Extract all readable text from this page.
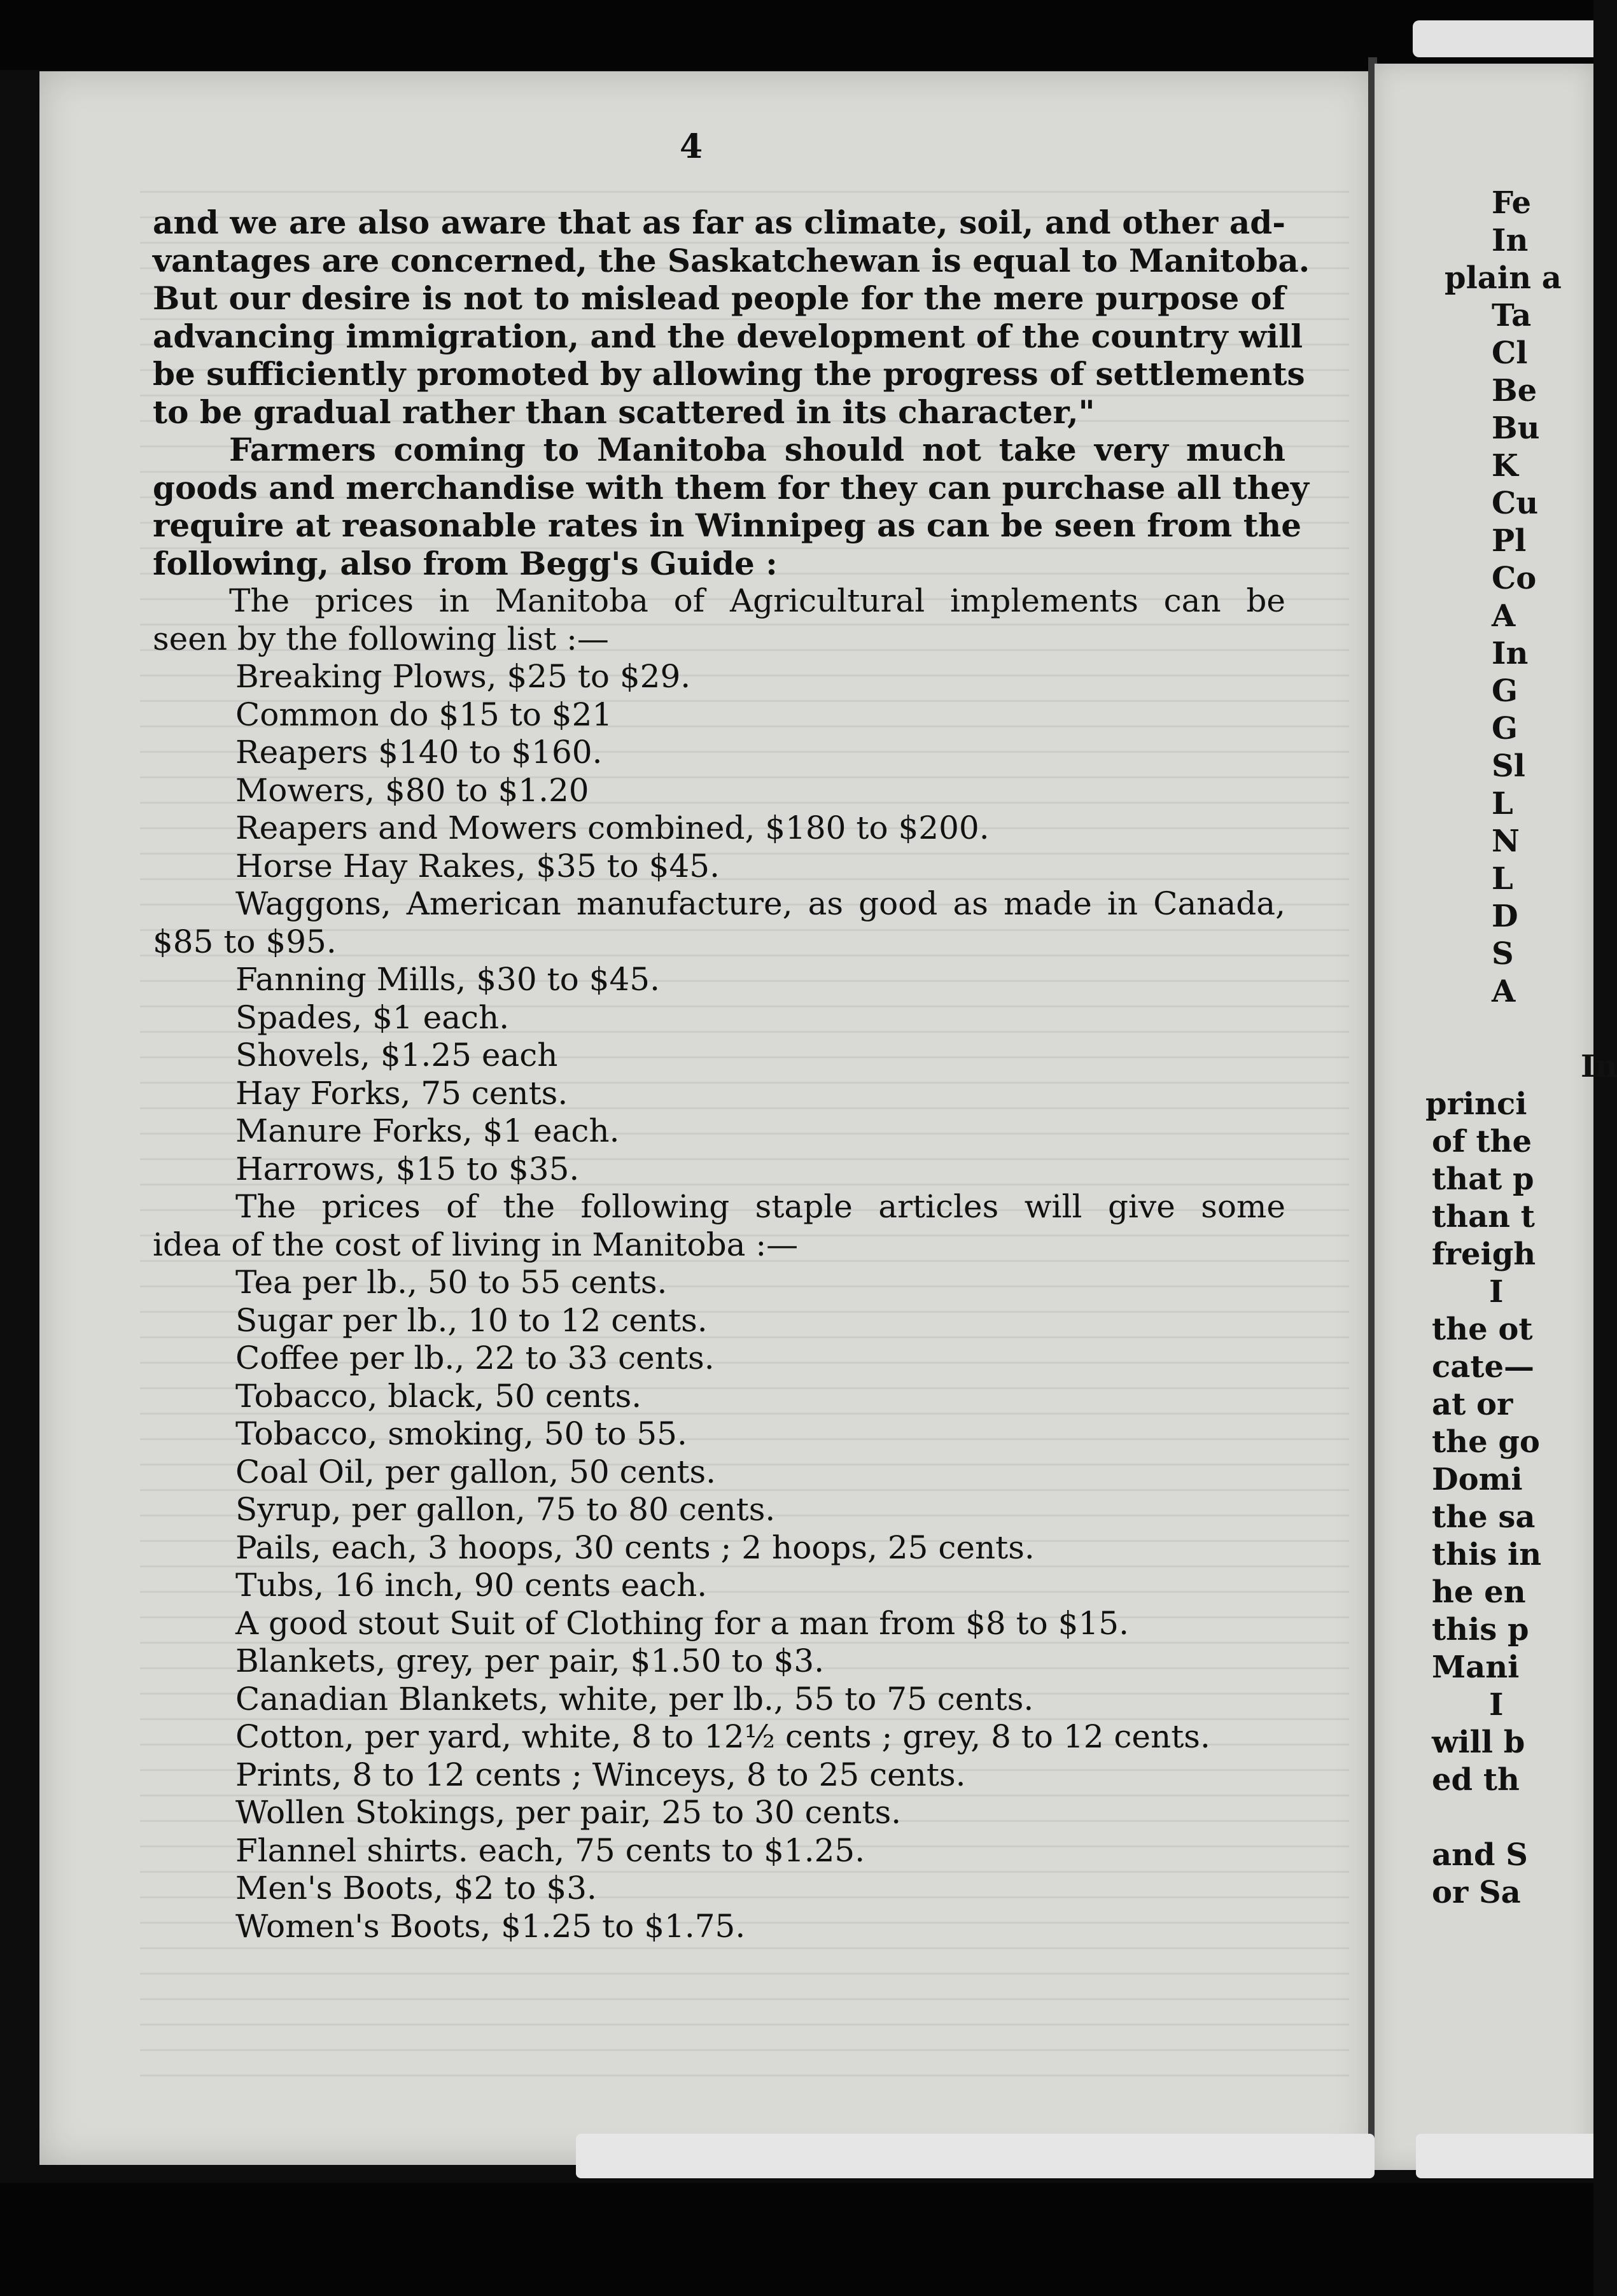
4
and we are also aware that as far as climate, soil, and other ad-
vantages are concerned, the Saskatchewan is equal to Manitoba.
But our desire is not to mislead people for the mere purpose of
advancing immigration, and the development of the country will
be sufficiently promoted by allowing the progress of settlements
to be gradual rather than scattered in its character,"
Farmers coming to Manitoba should not take very much
goods and merchandise with them for they can purchase all they
require at reasonable rates in Winnipeg as can be seen from the
following, also from Begg's Guide :
The prices in Manitoba of Agricultural implements can be
seen by the following list :—
Breaking Plows, $25 to $29.
Common do $15 to $21
Reapers $140 to $160.
Mowers, $80 to $1.20
Reapers and Mowers combined, $180 to $200.
Horse Hay Rakes, $35 to $45.
Waggons, American manufacture, as good as made in Canada,
$85 to $95.
Fanning Mills, $30 to $45.
Spades, $1 each.
Shovels, $1.25 each
Hay Forks, 75 cents.
Manure Forks, $1 each.
Harrows, $15 to $35.
The prices of the following staple articles will give some
idea of the cost of living in Manitoba :—
Tea per lb., 50 to 55 cents.
Sugar per lb., 10 to 12 cents.
Coffee per lb., 22 to 33 cents.
Tobacco, black, 50 cents.
Tobacco, smoking, 50 to 55.
Coal Oil, per gallon, 50 cents.
Syrup, per gallon, 75 to 80 cents.
Pails, each, 3 hoops, 30 cents ; 2 hoops, 25 cents.
Tubs, 16 inch, 90 cents each.
A good stout Suit of Clothing for a man from $8 to $15.
Blankets, grey, per pair, $1.50 to $3.
Canadian Blankets, white, per lb., 55 to 75 cents.
Cotton, per yard, white, 8 to 12½ cents ; grey, 8 to 12 cents.
Prints, 8 to 12 cents ; Winceys, 8 to 25 cents.
Wollen Stokings, per pair, 25 to 30 cents.
Flannel shirts. each, 75 cents to $1.25.
Men's Boots, $2 to $3.
Women's Boots, $1.25 to $1.75.
Fe
In
plain a
Ta
Cl
Be
Bu
K
Cu
Pl
Co
A
In
G
G
Sl
L
N
L
D
S
A
In
princi
of the
that p
than t
freigh
I
the ot
cate—
at or
the go
Domi
the sa
this in
he en
this p
Mani
I
will b
ed th
and S
or Sa
